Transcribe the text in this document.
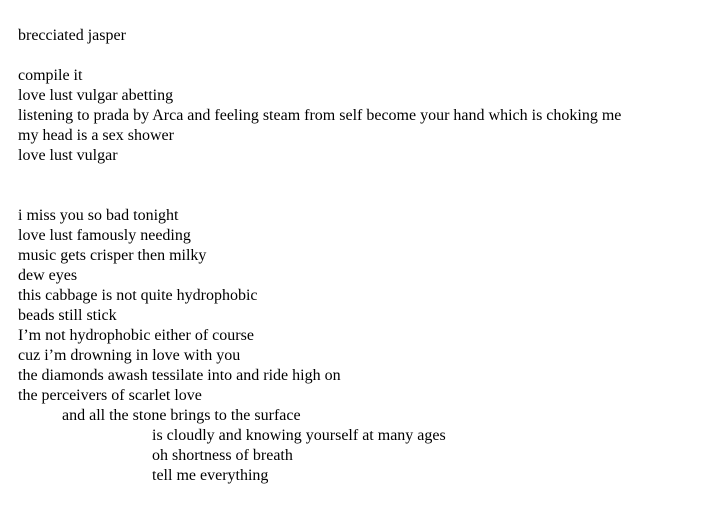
brecciated jasper
compile it
love lust vulgar abetting
listening to prada by Arca and feeling steam from self become your hand which is choking me
my head is a sex shower
love lust vulgar
i miss you so bad tonight
love lust famously needing
music gets crisper then milky
dew eyes
this cabbage is not quite hydrophobic
beads still stick
I’m not hydrophobic either of course
cuz i’m drowning in love with you
the diamonds awash tessilate into and ride high on
the perceivers of scarlet love
and all the stone brings to the surface
is cloudly and knowing yourself at many ages
oh shortness of breath
tell me everything
